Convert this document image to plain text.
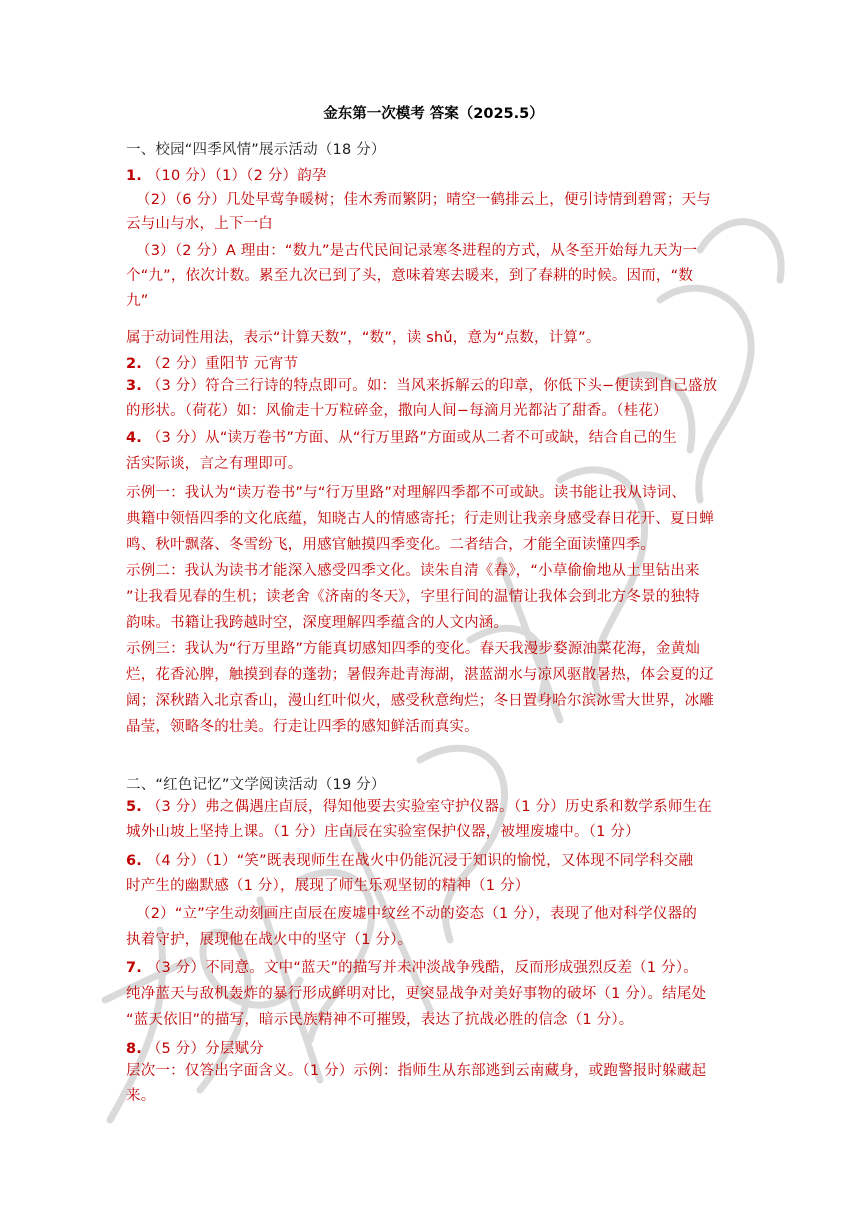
金东第一次模考 答案（2025.5）
一、校园“四季风情”展示活动（18 分）
1. （10 分）（1）（2 分）韵孕
（2）（6 分）几处早莺争暖树；佳木秀而繁阴；晴空一鹤排云上，便引诗情到碧霄；天与
云与山与水，上下一白
（3）（2 分）A 理由：“数九”是古代民间记录寒冬进程的方式，从冬至开始每九天为一
个“九”，依次计数。累至九次已到了头，意味着寒去暖来，到了春耕的时候。因而，“数
九”
属于动词性用法，表示“计算天数”，“数”，读 shǔ，意为“点数，计算”。
2. （2 分）重阳节 元宵节
3. （3 分）符合三行诗的特点即可。如：当风来拆解云的印章，你低下头−便读到自己盛放
的形状。（荷花）如：风偷走十万粒碎金，撒向人间−每滴月光都沾了甜香。（桂花）
4. （3 分）从“读万卷书”方面、从“行万里路”方面或从二者不可或缺，结合自己的生
活实际谈，言之有理即可。
示例一：我认为“读万卷书”与“行万里路”对理解四季都不可或缺。读书能让我从诗词、
典籍中领悟四季的文化底蕴，知晓古人的情感寄托；行走则让我亲身感受春日花开、夏日蝉
鸣、秋叶飘落、冬雪纷飞，用感官触摸四季变化。二者结合，才能全面读懂四季。
示例二：我认为读书才能深入感受四季文化。读朱自清《春》，“小草偷偷地从土里钻出来
”让我看见春的生机；读老舍《济南的冬天》，字里行间的温情让我体会到北方冬景的独特
韵味。书籍让我跨越时空，深度理解四季蕴含的人文内涵。
示例三：我认为“行万里路”方能真切感知四季的变化。春天我漫步婺源油菜花海，金黄灿
烂，花香沁脾，触摸到春的蓬勃；暑假奔赴青海湖，湛蓝湖水与凉风驱散暑热，体会夏的辽
阔；深秋踏入北京香山，漫山红叶似火，感受秋意绚烂；冬日置身哈尔滨冰雪大世界，冰雕
晶莹，领略冬的壮美。行走让四季的感知鲜活而真实。
二、“红色记忆”文学阅读活动（19 分）
5. （3 分）弗之偶遇庄卣辰，得知他要去实验室守护仪器。（1 分）历史系和数学系师生在
城外山坡上坚持上课。（1 分）庄卣辰在实验室保护仪器，被埋废墟中。（1 分）
6. （4 分）（1）“笑”既表现师生在战火中仍能沉浸于知识的愉悦，又体现不同学科交融
时产生的幽默感（1 分），展现了师生乐观坚韧的精神（1 分）
（2）“立”字生动刻画庄卣辰在废墟中纹丝不动的姿态（1 分），表现了他对科学仪器的
执着守护，展现他在战火中的坚守（1 分）。
7. （3 分）不同意。文中“蓝天”的描写并未冲淡战争残酷，反而形成强烈反差（1 分）。
纯净蓝天与敌机轰炸的暴行形成鲜明对比，更突显战争对美好事物的破坏（1 分）。结尾处
“蓝天依旧”的描写，暗示民族精神不可摧毁，表达了抗战必胜的信念（1 分）。
8. （5 分）分层赋分
层次一：仅答出字面含义。（1 分）示例：指师生从东部逃到云南藏身，或跑警报时躲藏起
来。
